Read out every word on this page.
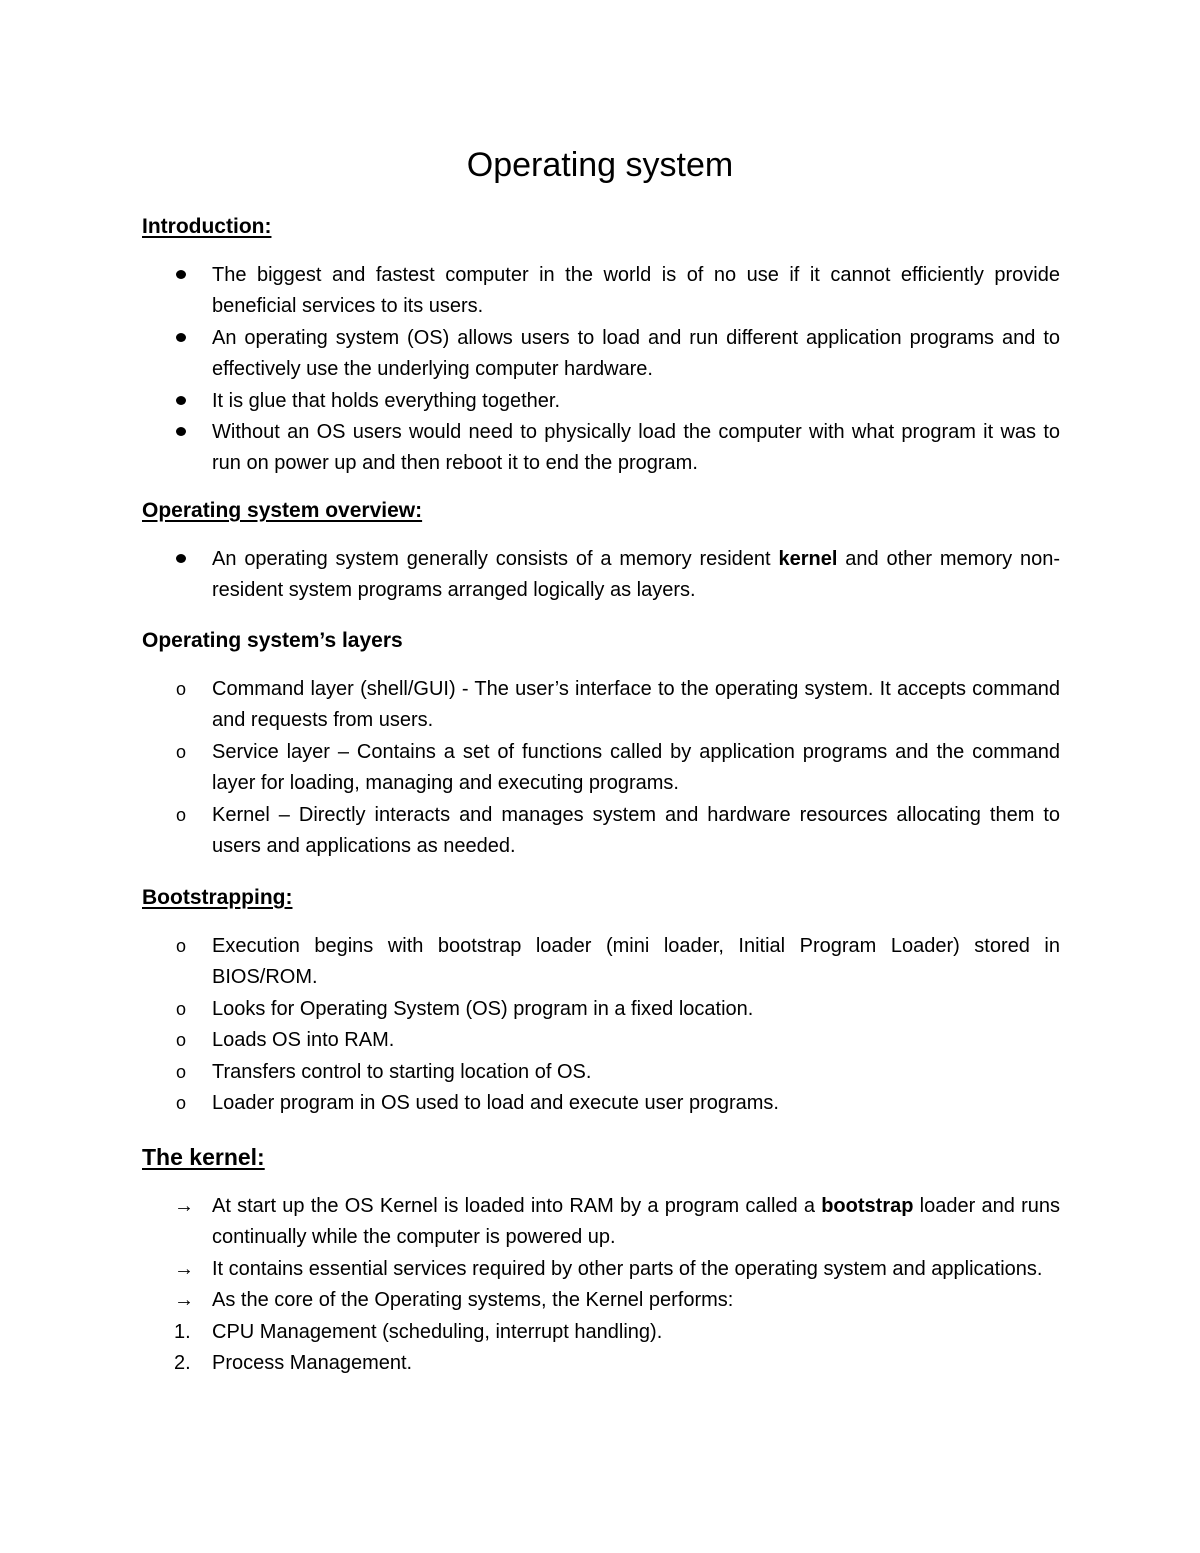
Operating system
Introduction:
The biggest and fastest computer in the world is of no use if it cannot efficiently provide beneficial services to its users.
An operating system (OS) allows users to load and run different application programs and to effectively use the underlying computer hardware.
It is glue that holds everything together.
Without an OS users would need to physically load the computer with what program it was to run on power up and then reboot it to end the program.
Operating system overview:
An operating system generally consists of a memory resident kernel and other memory non-resident system programs arranged logically as layers.
Operating system’s layers
o	Command layer (shell/GUI) - The user’s interface to the operating system. It accepts command and requests from users.
o	Service layer – Contains a set of functions called by application programs and the command layer for loading, managing and executing programs.
o	Kernel – Directly interacts and manages system and hardware resources allocating them to users and applications as needed.
Bootstrapping:
o	Execution begins with bootstrap loader (mini loader, Initial Program Loader) stored in BIOS/ROM.
o	Looks for Operating System (OS) program in a fixed location.
o	Loads OS into RAM.
o	Transfers control to starting location of OS.
o	Loader program in OS used to load and execute user programs.
The kernel:
→ At start up the OS Kernel is loaded into RAM by a program called a bootstrap loader and runs continually while the computer is powered up.
→ It contains essential services required by other parts of the operating system and applications.
→ As the core of the Operating systems, the Kernel performs:
1.	CPU Management (scheduling, interrupt handling).
2.	Process Management.
